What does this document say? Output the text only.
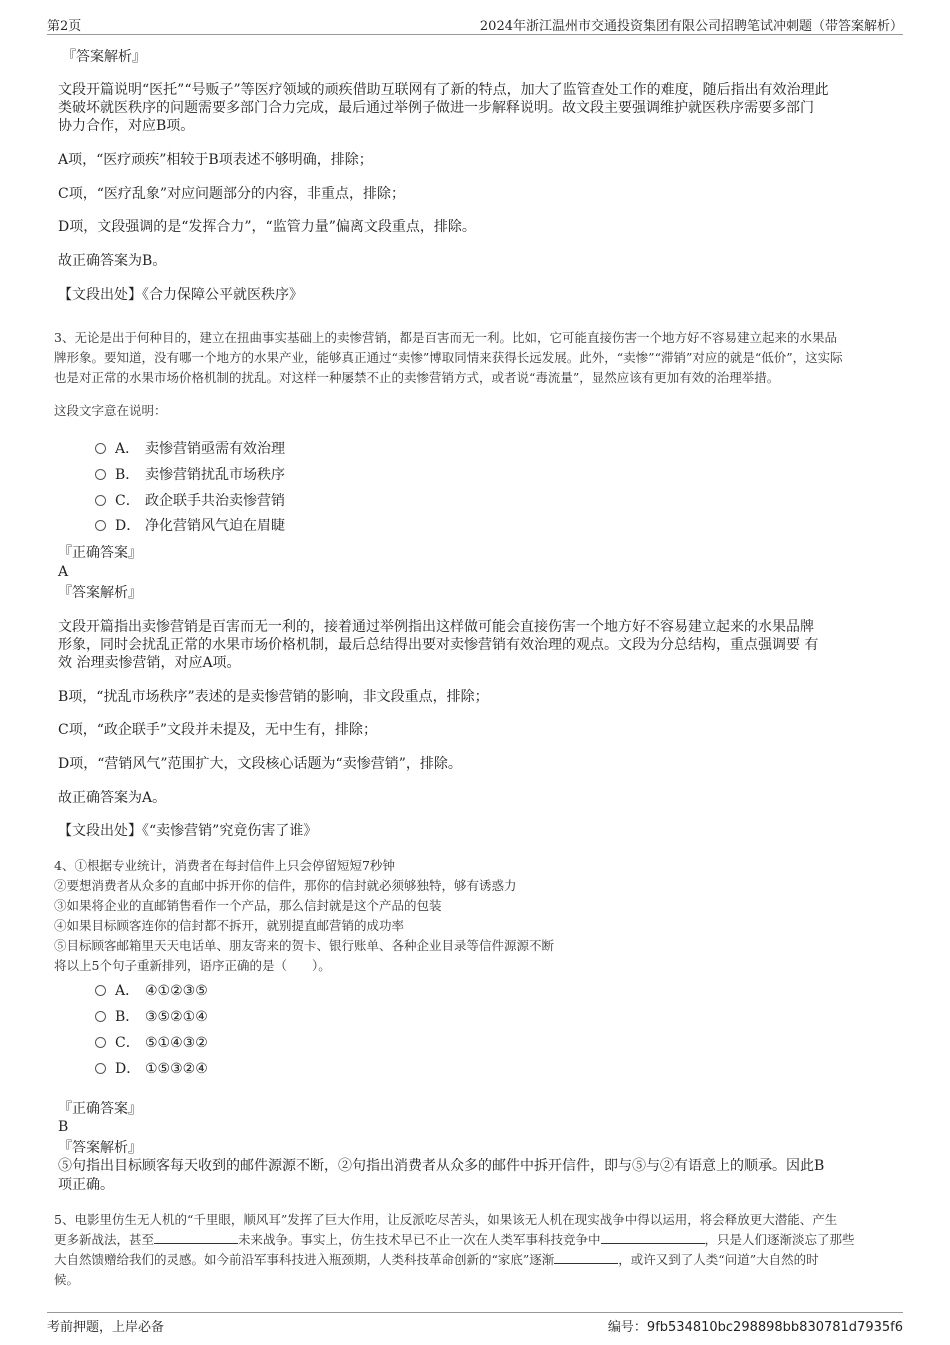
第2页	2024年浙江温州市交通投资集团有限公司招聘笔试冲刺题（带答案解析）

『答案解析』

文段开篇说明“医托”“号贩子”等医疗领域的顽疾借助互联网有了新的特点，加大了监管查处工作的难度，随后指出有效治理此

类破坏就医秩序的问题需要多部门合力完成，最后通过举例子做进一步解释说明。故文段主要强调维护就医秩序需要多部门

协力合作，对应B项。

A项，“医疗顽疾”相较于B项表述不够明确，排除；

C项，“医疗乱象”对应问题部分的内容，非重点，排除；

D项，文段强调的是“发挥合力”，“监管力量”偏离文段重点，排除。

故正确答案为B。

【文段出处】《合力保障公平就医秩序》

3、无论是出于何种目的，建立在扭曲事实基础上的卖惨营销，都是百害而无一利。比如，它可能直接伤害一个地方好不容易建立起来的水果品

牌形象。要知道，没有哪一个地方的水果产业，能够真正通过“卖惨”博取同情来获得长远发展。此外，“卖惨”“滞销”对应的就是“低价”，这实际

也是对正常的水果市场价格机制的扰乱。对这样一种屡禁不止的卖惨营销方式，或者说“毒流量”，显然应该有更加有效的治理举措。

这段文字意在说明：

A． 卖惨营销亟需有效治理
B． 卖惨营销扰乱市场秩序
C． 政企联手共治卖惨营销
D． 净化营销风气迫在眉睫

『正确答案』

A

『答案解析』

文段开篇指出卖惨营销是百害而无一利的，接着通过举例指出这样做可能会直接伤害一个地方好不容易建立起来的水果品牌

形象，同时会扰乱正常的水果市场价格机制，最后总结得出要对卖惨营销有效治理的观点。文段为分总结构，重点强调要 有

效 治理卖惨营销，对应A项。

B项，“扰乱市场秩序”表述的是卖惨营销的影响，非文段重点，排除；

C项，“政企联手”文段并未提及，无中生有，排除；

D项，“营销风气”范围扩大，文段核心话题为“卖惨营销”，排除。

故正确答案为A。

【文段出处】《“卖惨营销”究竟伤害了谁》

4、①根据专业统计，消费者在每封信件上只会停留短短7秒钟

②要想消费者从众多的直邮中拆开你的信件，那你的信封就必须够独特，够有诱惑力

③如果将企业的直邮销售看作一个产品，那么信封就是这个产品的包装

④如果目标顾客连你的信封都不拆开，就别提直邮营销的成功率

⑤目标顾客邮箱里天天电话单、朋友寄来的贺卡、银行账单、各种企业目录等信件源源不断

将以上5个句子重新排列，语序正确的是（　　）。

A． ④①②③⑤
B． ③⑤②①④
C． ⑤①④③②
D． ①⑤③②④

『正确答案』

B

『答案解析』

⑤句指出目标顾客每天收到的邮件源源不断，②句指出消费者从众多的邮件中拆开信件，即与⑤与②有语意上的顺承。因此B

项正确。

5、电影里仿生无人机的“千里眼，顺风耳”发挥了巨大作用，让反派吃尽苦头，如果该无人机在现实战争中得以运用，将会释放更大潜能、产生

更多新战法，甚至	未来战争。事实上，仿生技术早已不止一次在人类军事科技竞争中	，只是人们逐渐淡忘了那些

大自然馈赠给我们的灵感。如今前沿军事科技进入瓶颈期，人类科技革命创新的“家底”逐渐	，或许又到了人类“问道”大自然的时

候。

考前押题，上岸必备	编号：9fb534810bc298898bb830781d7935f6
